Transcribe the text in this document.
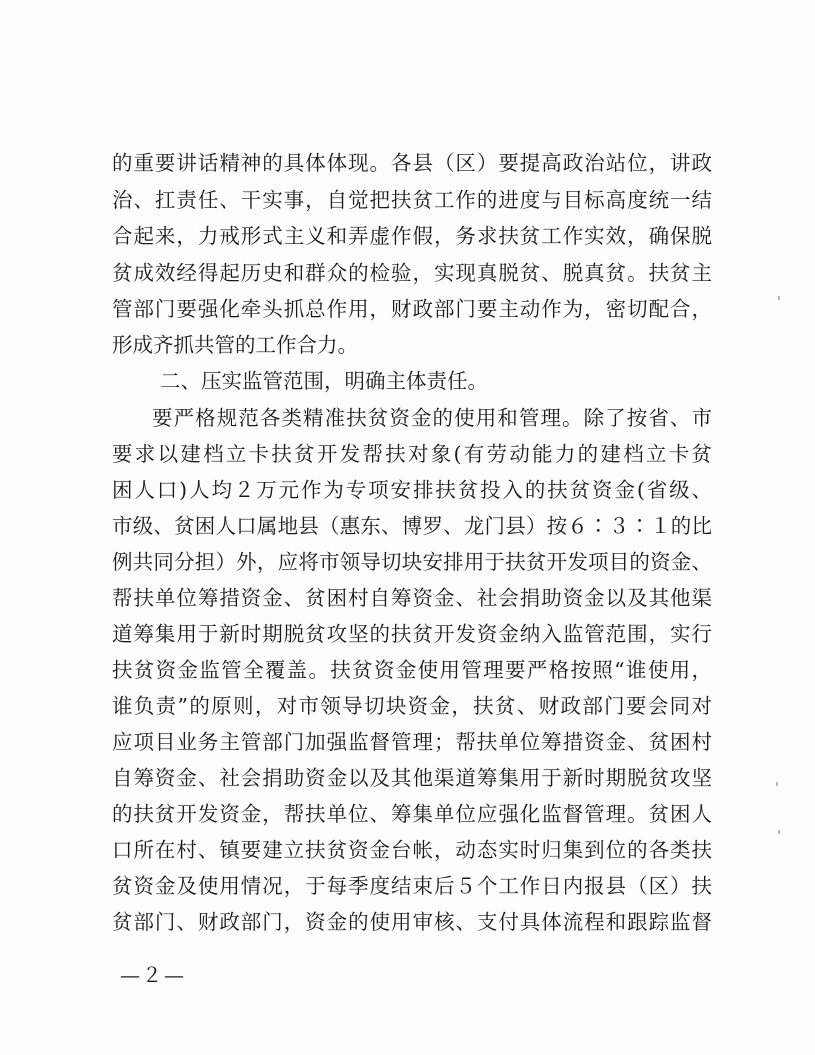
的重要讲话精神的具体体现。各县（区）要提高政治站位，讲政
治、扛责任、干实事，自觉把扶贫工作的进度与目标高度统一结
合起来，力戒形式主义和弄虚作假，务求扶贫工作实效，确保脱
贫成效经得起历史和群众的检验，实现真脱贫、脱真贫。扶贫主
管部门要强化牵头抓总作用，财政部门要主动作为，密切配合，
形成齐抓共管的工作合力。
二、压实监管范围，明确主体责任。
要严格规范各类精准扶贫资金的使用和管理。除了按省、市
要求以建档立卡扶贫开发帮扶对象(有劳动能力的建档立卡贫
困人口)人均２万元作为专项安排扶贫投入的扶贫资金(省级、
市级、贫困人口属地县（惠东、博罗、龙门县）按６∶３∶１的比
例共同分担）外，应将市领导切块安排用于扶贫开发项目的资金、
帮扶单位筹措资金、贫困村自筹资金、社会捐助资金以及其他渠
道筹集用于新时期脱贫攻坚的扶贫开发资金纳入监管范围，实行
扶贫资金监管全覆盖。扶贫资金使用管理要严格按照“谁使用，
谁负责”的原则，对市领导切块资金，扶贫、财政部门要会同对
应项目业务主管部门加强监督管理；帮扶单位筹措资金、贫困村
自筹资金、社会捐助资金以及其他渠道筹集用于新时期脱贫攻坚
的扶贫开发资金，帮扶单位、筹集单位应强化监督管理。贫困人
口所在村、镇要建立扶贫资金台帐，动态实时归集到位的各类扶
贫资金及使用情况，于每季度结束后５个工作日内报县（区）扶
贫部门、财政部门，资金的使用审核、支付具体流程和跟踪监督
—２—
